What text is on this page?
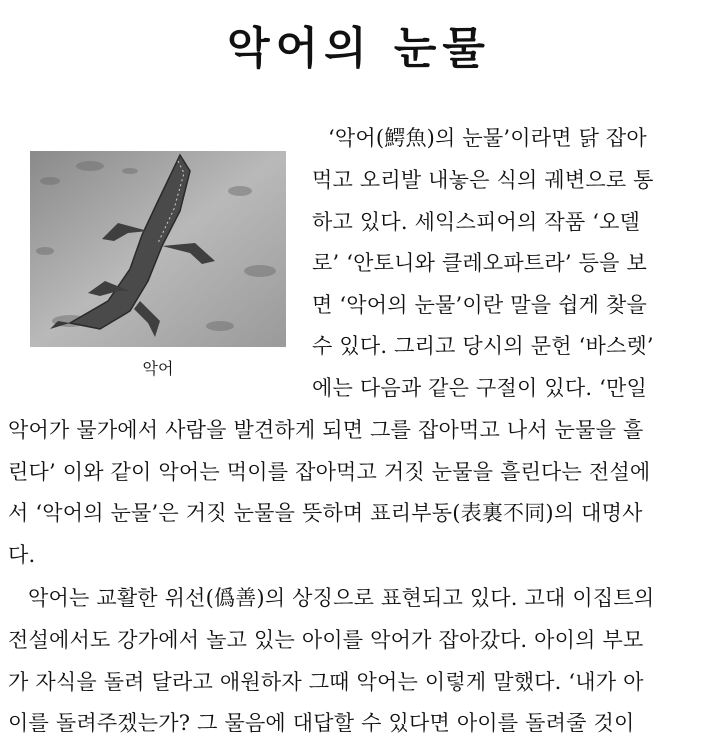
악어의 눈물
악어
‘악어(鰐魚)의 눈물’이라면 닭 잡아
먹고 오리발 내놓은 식의 궤변으로 통
하고 있다. 세익스피어의 작품 ‘오델
로’ ‘안토니와 클레오파트라’ 등을 보
면 ‘악어의 눈물’이란 말을 쉽게 찾을
수 있다. 그리고 당시의 문헌 ‘바스렛’
에는 다음과 같은 구절이 있다. ‘만일
악어가 물가에서 사람을 발견하게 되면 그를 잡아먹고 나서 눈물을 흘
린다’ 이와 같이 악어는 먹이를 잡아먹고 거짓 눈물을 흘린다는 전설에
서 ‘악어의 눈물’은 거짓 눈물을 뜻하며 표리부동(表裏不同)의 대명사
다.
악어는 교활한 위선(僞善)의 상징으로 표현되고 있다. 고대 이집트의
전설에서도 강가에서 놀고 있는 아이를 악어가 잡아갔다. 아이의 부모
가 자식을 돌려 달라고 애원하자 그때 악어는 이렇게 말했다. ‘내가 아
이를 돌려주겠는가? 그 물음에 대답할 수 있다면 아이를 돌려줄 것이
